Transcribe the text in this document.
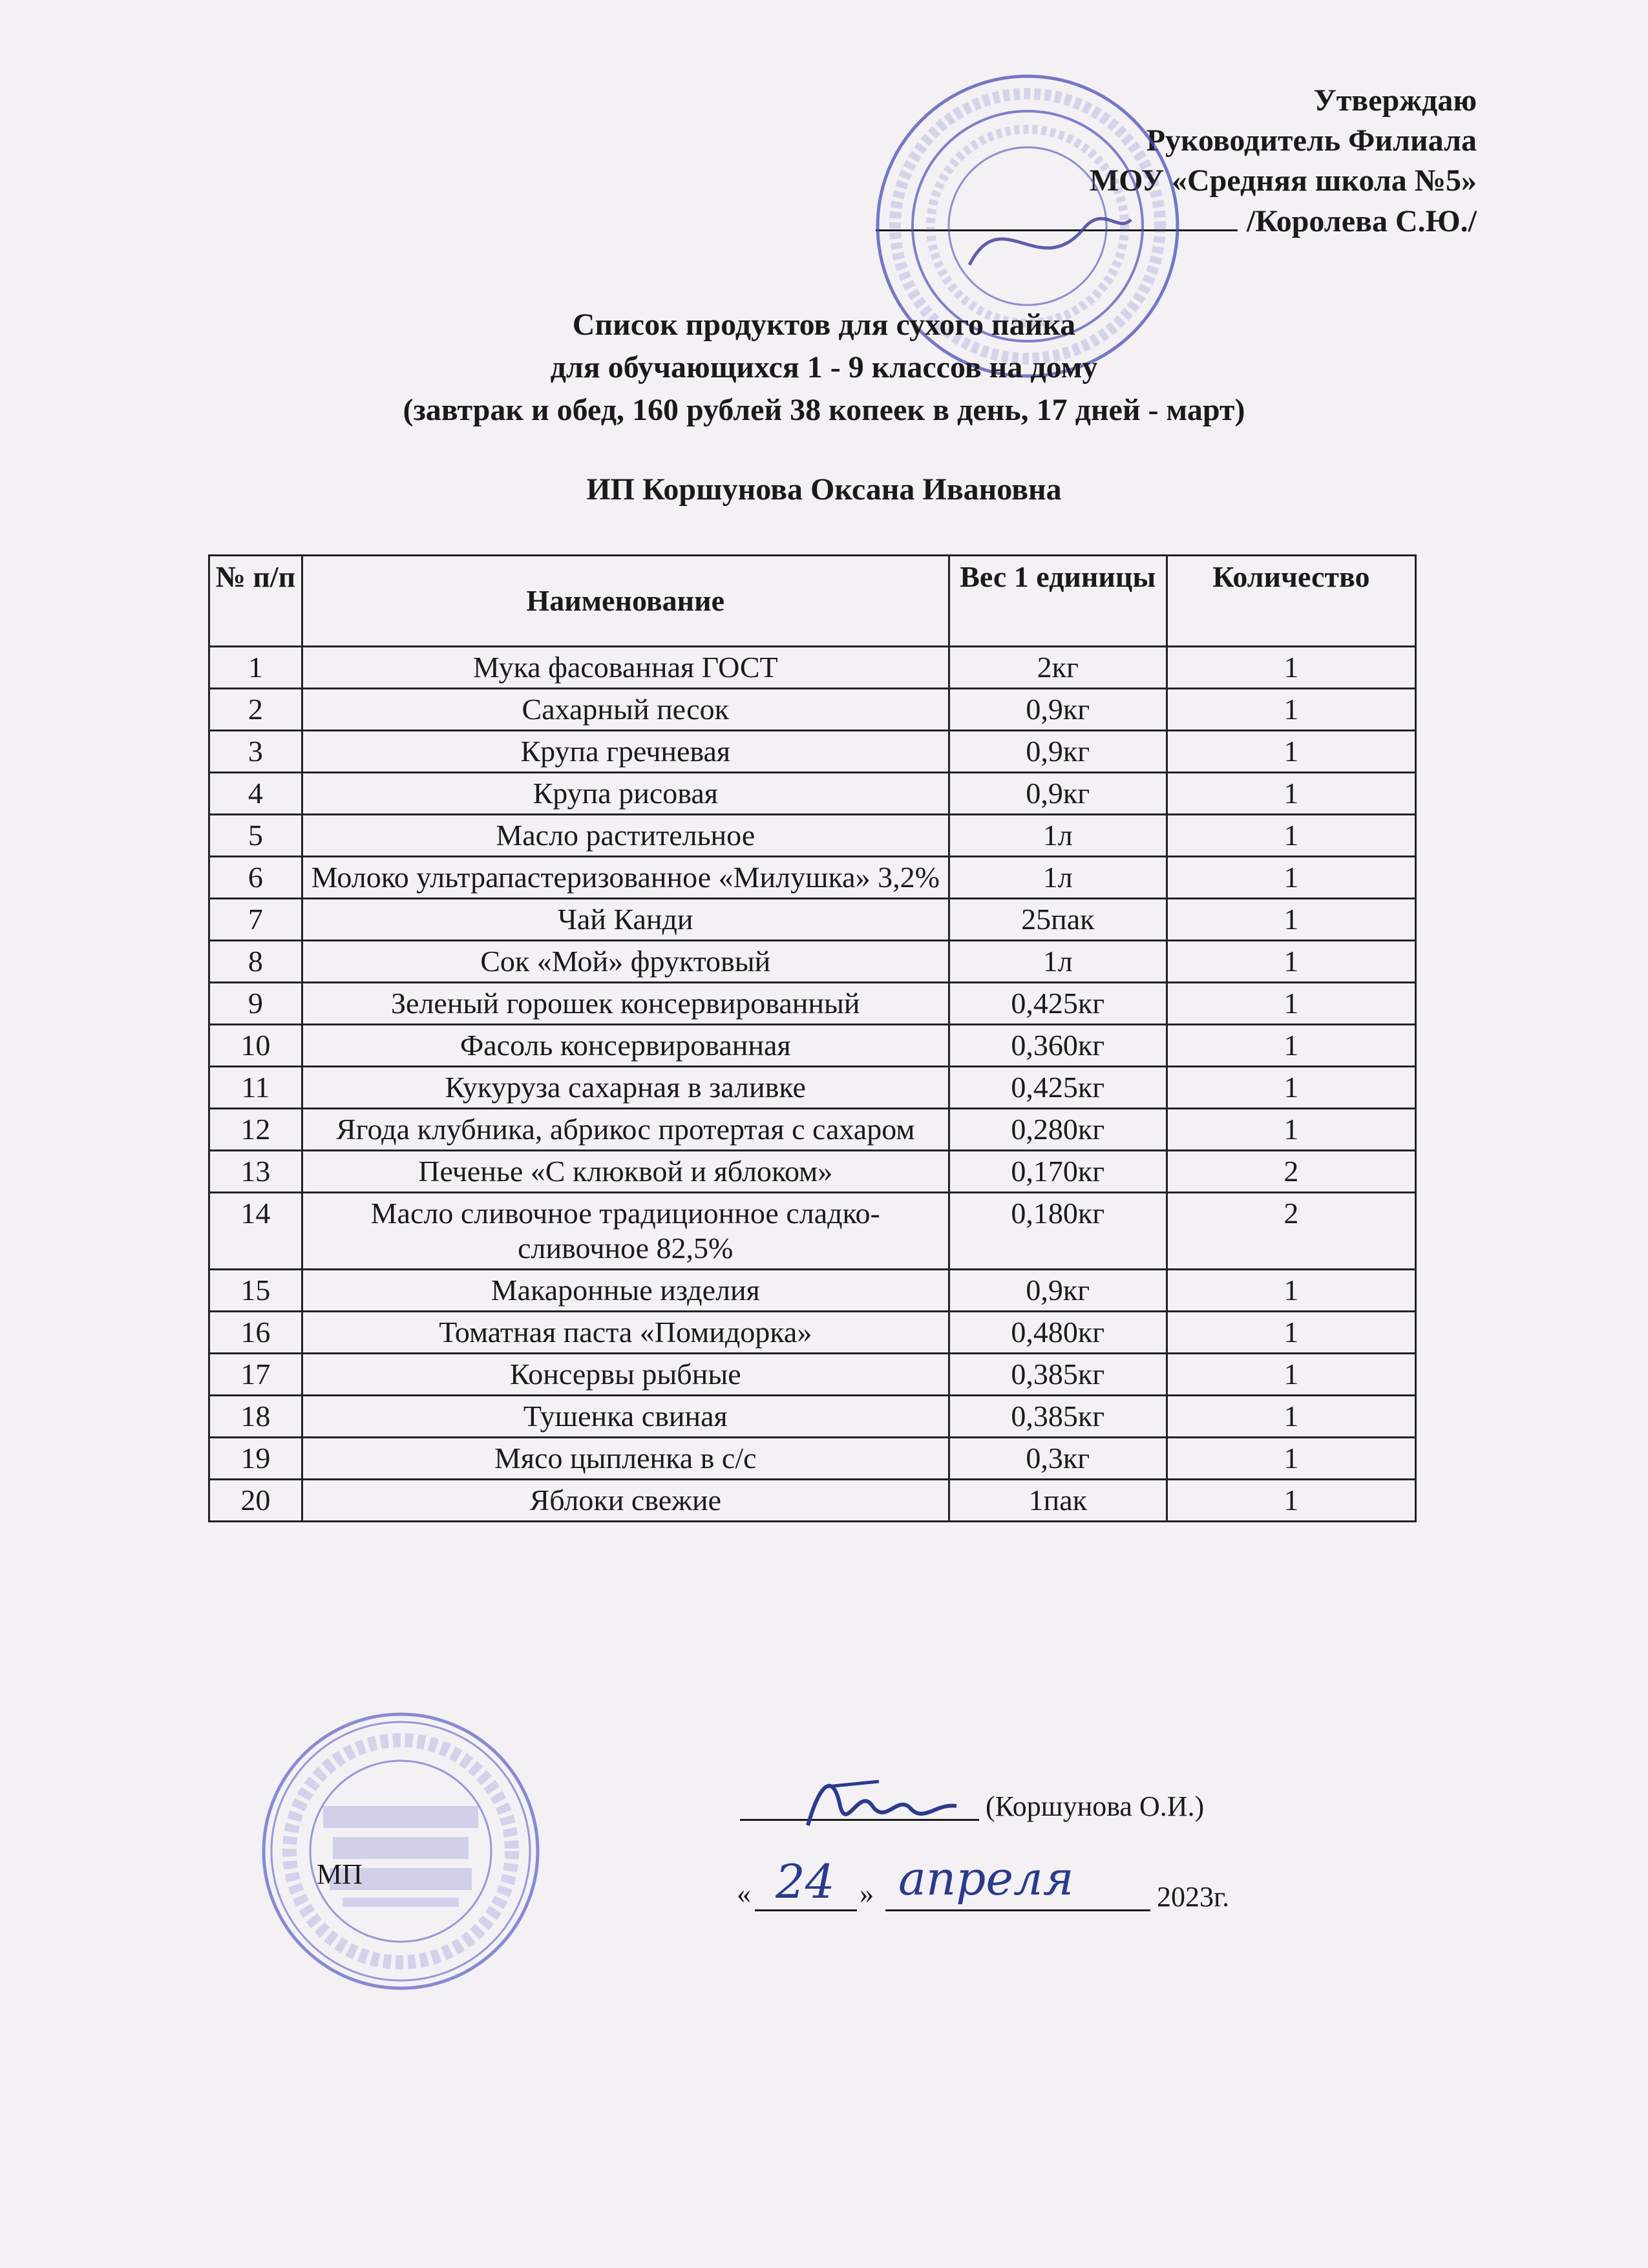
Утверждаю
Руководитель Филиала
МОУ «Средняя школа №5»
/Королева С.Ю./
Список продуктов для сухого пайка
для обучающихся 1 - 9 классов на дому
(завтрак и обед, 160 рублей 38 копеек в день, 17 дней - март)
ИП Коршунова Оксана Ивановна
№ п/п	Наименование	Вес 1 единицы	Количество
1	Мука фасованная ГОСТ	2кг	1
2	Сахарный песок	0,9кг	1
3	Крупа гречневая	0,9кг	1
4	Крупа рисовая	0,9кг	1
5	Масло растительное	1л	1
6	Молоко ультрапастеризованное «Милушка» 3,2%	1л	1
7	Чай Канди	25пак	1
8	Сок «Мой» фруктовый	1л	1
9	Зеленый горошек консервированный	0,425кг	1
10	Фасоль консервированная	0,360кг	1
11	Кукуруза сахарная в заливке	0,425кг	1
12	Ягода клубника, абрикос протертая с сахаром	0,280кг	1
13	Печенье «С клюквой и яблоком»	0,170кг	2
14	Масло сливочное традиционное сладко-сливочное 82,5%	0,180кг	2
15	Макаронные изделия	0,9кг	1
16	Томатная паста «Помидорка»	0,480кг	1
17	Консервы рыбные	0,385кг	1
18	Тушенка свиная	0,385кг	1
19	Мясо цыпленка в с/с	0,3кг	1
20	Яблоки свежие	1пак	1
МП
(Коршунова О.И.)
« 24 » апреля	2023г.
